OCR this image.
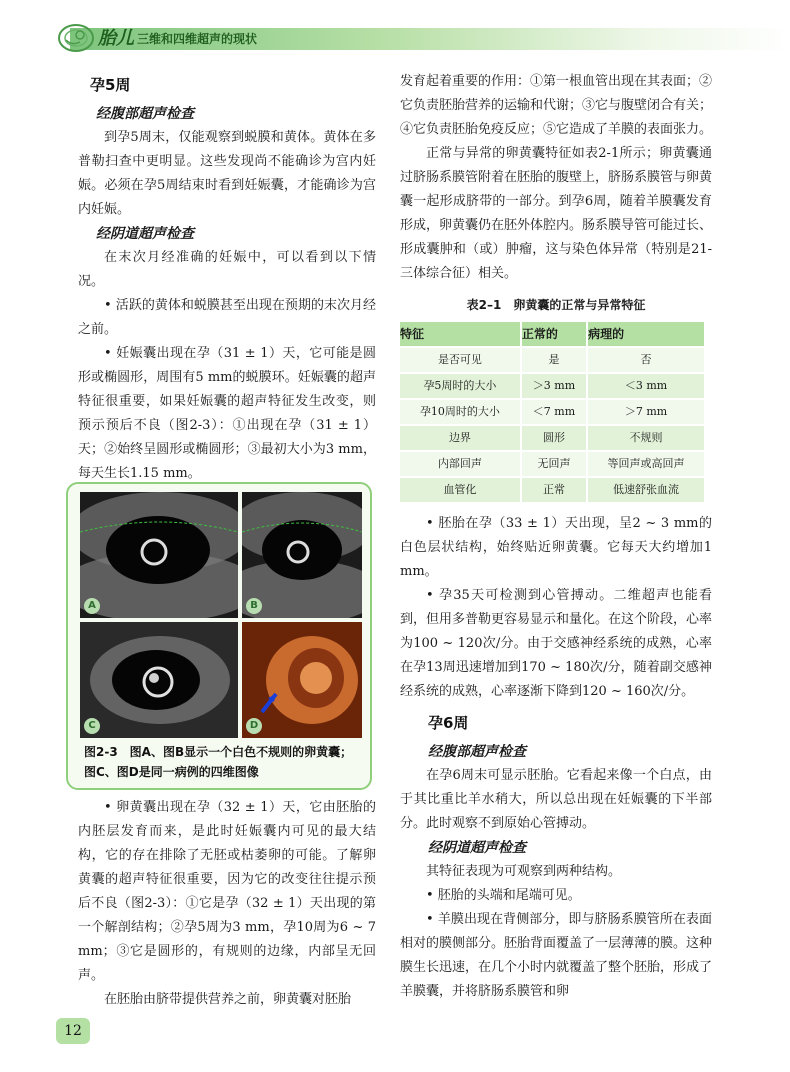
胎儿 三维和四维超声的现状
孕5周
经腹部超声检查

到孕5周末，仅能观察到蜕膜和黄体。黄体在多普勒扫查中更明显。这些发现尚不能确诊为宫内妊娠。必须在孕5周结束时看到妊娠囊，才能确诊为宫内妊娠。

经阴道超声检查

在末次月经准确的妊娠中，可以看到以下情况。

• 活跃的黄体和蜕膜甚至出现在预期的末次月经之前。

• 妊娠囊出现在孕（31 ± 1）天，它可能是圆形或椭圆形，周围有5 mm的蜕膜环。妊娠囊的超声特征很重要，如果妊娠囊的超声特征发生改变，则预示预后不良（图2-3）：①出现在孕（31 ± 1）天；②始终呈圆形或椭圆形；③最初大小为3 mm，每天生长1.15 mm。

• 卵黄囊出现在孕（32 ± 1）天，它由胚胎的内胚层发育而来，是此时妊娠囊内可见的最大结构，它的存在排除了无胚或枯萎卵的可能。了解卵黄囊的超声特征很重要，因为它的改变往往提示预后不良（图2-3）：①它是孕（32 ± 1）天出现的第一个解剖结构；②孕5周为3 mm，孕10周为6 ~ 7 mm；③它是圆形的，有规则的边缘，内部呈无回声。

在胚胎由脐带提供营养之前，卵黄囊对胚胎

A	B
C	D
图2-3　图A、图B显示一个白色不规则的卵黄囊；图C、图D是同一病例的四维图像

发育起着重要的作用：①第一根血管出现在其表面；②它负责胚胎营养的运输和代谢；③它与腹壁闭合有关；④它负责胚胎免疫反应；⑤它造成了羊膜的表面张力。

正常与异常的卵黄囊特征如表2-1所示；卵黄囊通过脐肠系膜管附着在胚胎的腹壁上，脐肠系膜管与卵黄囊一起形成脐带的一部分。到孕6周，随着羊膜囊发育形成，卵黄囊仍在胚外体腔内。肠系膜导管可能过长、形成囊肿和（或）肿瘤，这与染色体异常（特别是21-三体综合征）相关。

表2–1　卵黄囊的正常与异常特征
特征	正常的	病理的
是否可见	是	否
孕5周时的大小	＞3 mm	＜3 mm
孕10周时的大小	＜7 mm	＞7 mm
边界	圆形	不规则
内部回声	无回声	等回声或高回声
血管化	正常	低速舒张血流

• 胚胎在孕（33 ± 1）天出现，呈2 ~ 3 mm的白色层状结构，始终贴近卵黄囊。它每天大约增加1 mm。

• 孕35天可检测到心管搏动。二维超声也能看到，但用多普勒更容易显示和量化。在这个阶段，心率为100 ~ 120次/分。由于交感神经系统的成熟，心率在孕13周迅速增加到170 ~ 180次/分，随着副交感神经系统的成熟，心率逐渐下降到120 ~ 160次/分。

孕6周
经腹部超声检查

在孕6周末可显示胚胎。它看起来像一个白点，由于其比重比羊水稍大，所以总出现在妊娠囊的下半部分。此时观察不到原始心管搏动。

经阴道超声检查

其特征表现为可观察到两种结构。

• 胚胎的头端和尾端可见。

• 羊膜出现在背侧部分，即与脐肠系膜管所在表面相对的膜侧部分。胚胎背面覆盖了一层薄薄的膜。这种膜生长迅速，在几个小时内就覆盖了整个胚胎，形成了羊膜囊，并将脐肠系膜管和卵

12
